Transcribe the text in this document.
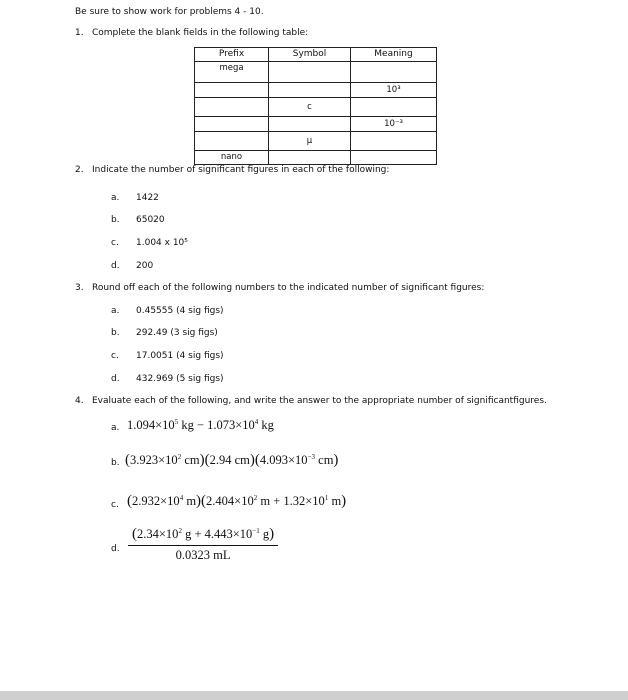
Be sure to show work for problems 4 - 10.
1. Complete the blank fields in the following table:
Prefix	Symbol	Meaning
mega		
		10³
	c	
		10⁻³
	μ	
nano		
2. Indicate the number of significant figures in each of the following:
a. 1422
b. 65020
c. 1.004 x 10⁵
d. 200
3. Round off each of the following numbers to the indicated number of significant figures:
a. 0.45555 (4 sig figs)
b. 292.49 (3 sig figs)
c. 17.0051 (4 sig figs)
d. 432.969 (5 sig figs)
4. Evaluate each of the following, and write the answer to the appropriate number of significantfigures.
a. $1.094\times 10^5$ kg − $1.073\times 10^4$ kg
b. ($3.923\times 10^2$ cm)(2.94 $cm)(4.093\times 10^{-3}$ cm)
c. ($2.932\times 10^4$ $m)(2.404\times 10^2$ $m + 1.32\times 10^1$ m)
d. $\frac{(2.34\times 10^2 g + 4.443\times 10^{-1} g)}{0.0323 mL}$
